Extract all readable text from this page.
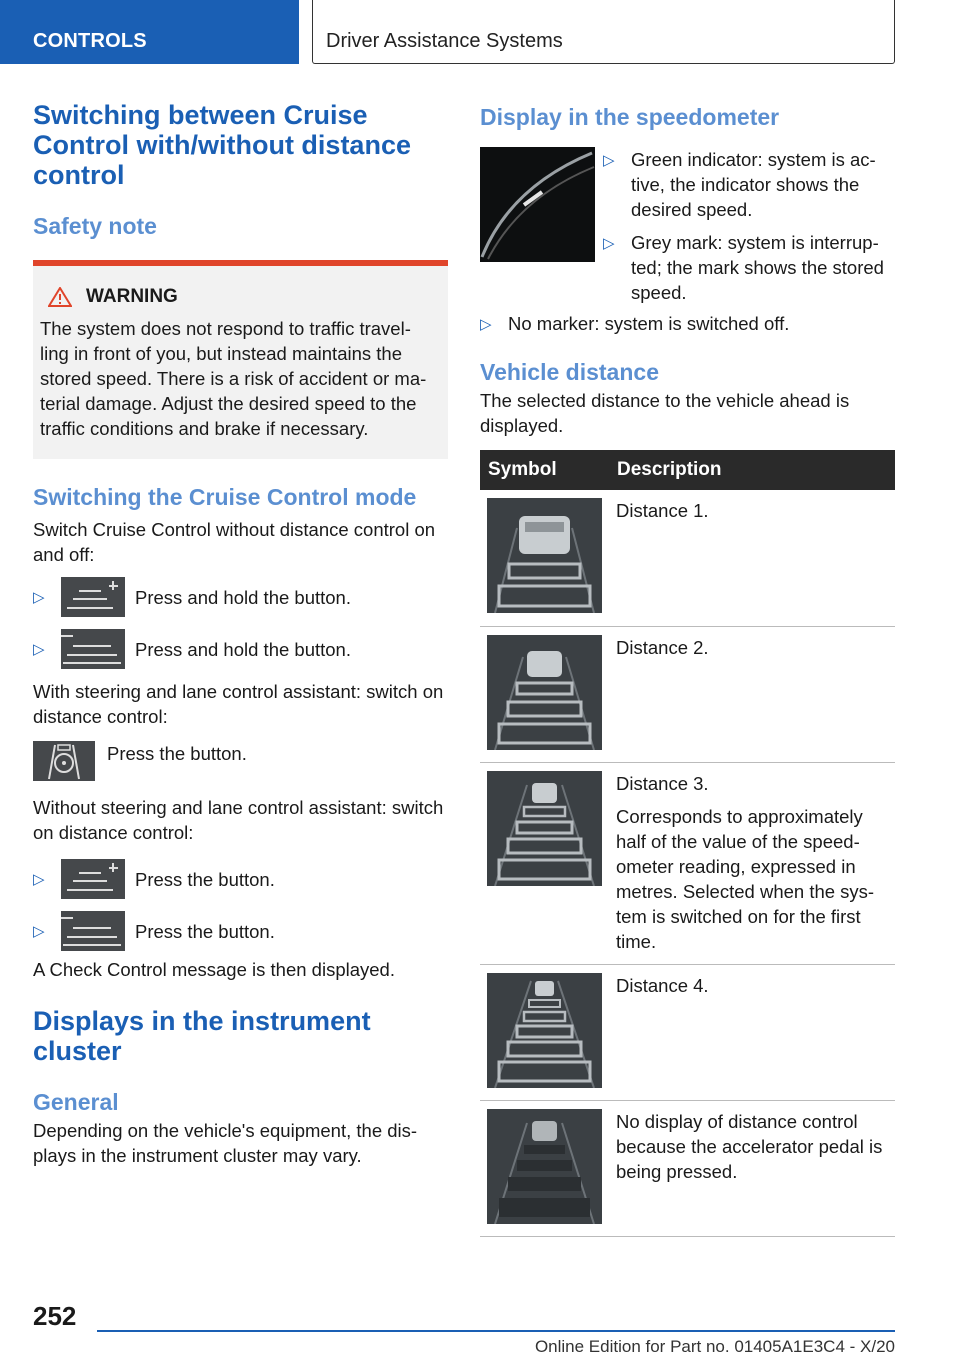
CONTROLS	Driver Assistance Systems
Switching between Cruise Control with/without distance control
Safety note
WARNING

The system does not respond to traffic travel- ling in front of you, but instead maintains the stored speed. There is a risk of accident or ma- terial damage. Adjust the desired speed to the traffic conditions and brake if necessary.

Switching the Cruise Control mode

Switch Cruise Control without distance control on and off:

▷	Press and hold the button.

▷	Press and hold the button.

With steering and lane control assistant: switch on distance control:

Press the button.

Without steering and lane control assistant: switch on distance control:

▷	Press the button.

▷	Press the button.

A Check Control message is then displayed.

Displays in the instrument cluster
General

Depending on the vehicle's equipment, the dis- plays in the instrument cluster may vary.

Display in the speedometer
▷ Green indicator: system is ac- tive, the indicator shows the desired speed.

▷ Grey mark: system is interrup- ted; the mark shows the stored speed.

▷ No marker: system is switched off.

Vehicle distance

The selected distance to the vehicle ahead is displayed.

Symbol	Description

Distance 1.

Distance 2.

Distance 3.

Corresponds to approximately half of the value of the speed- ometer reading, expressed in metres. Selected when the sys- tem is switched on for the first time.

Distance 4.

No display of distance control because the accelerator pedal is being pressed.

252
Online Edition for Part no. 01405A1E3C4 - X/20
